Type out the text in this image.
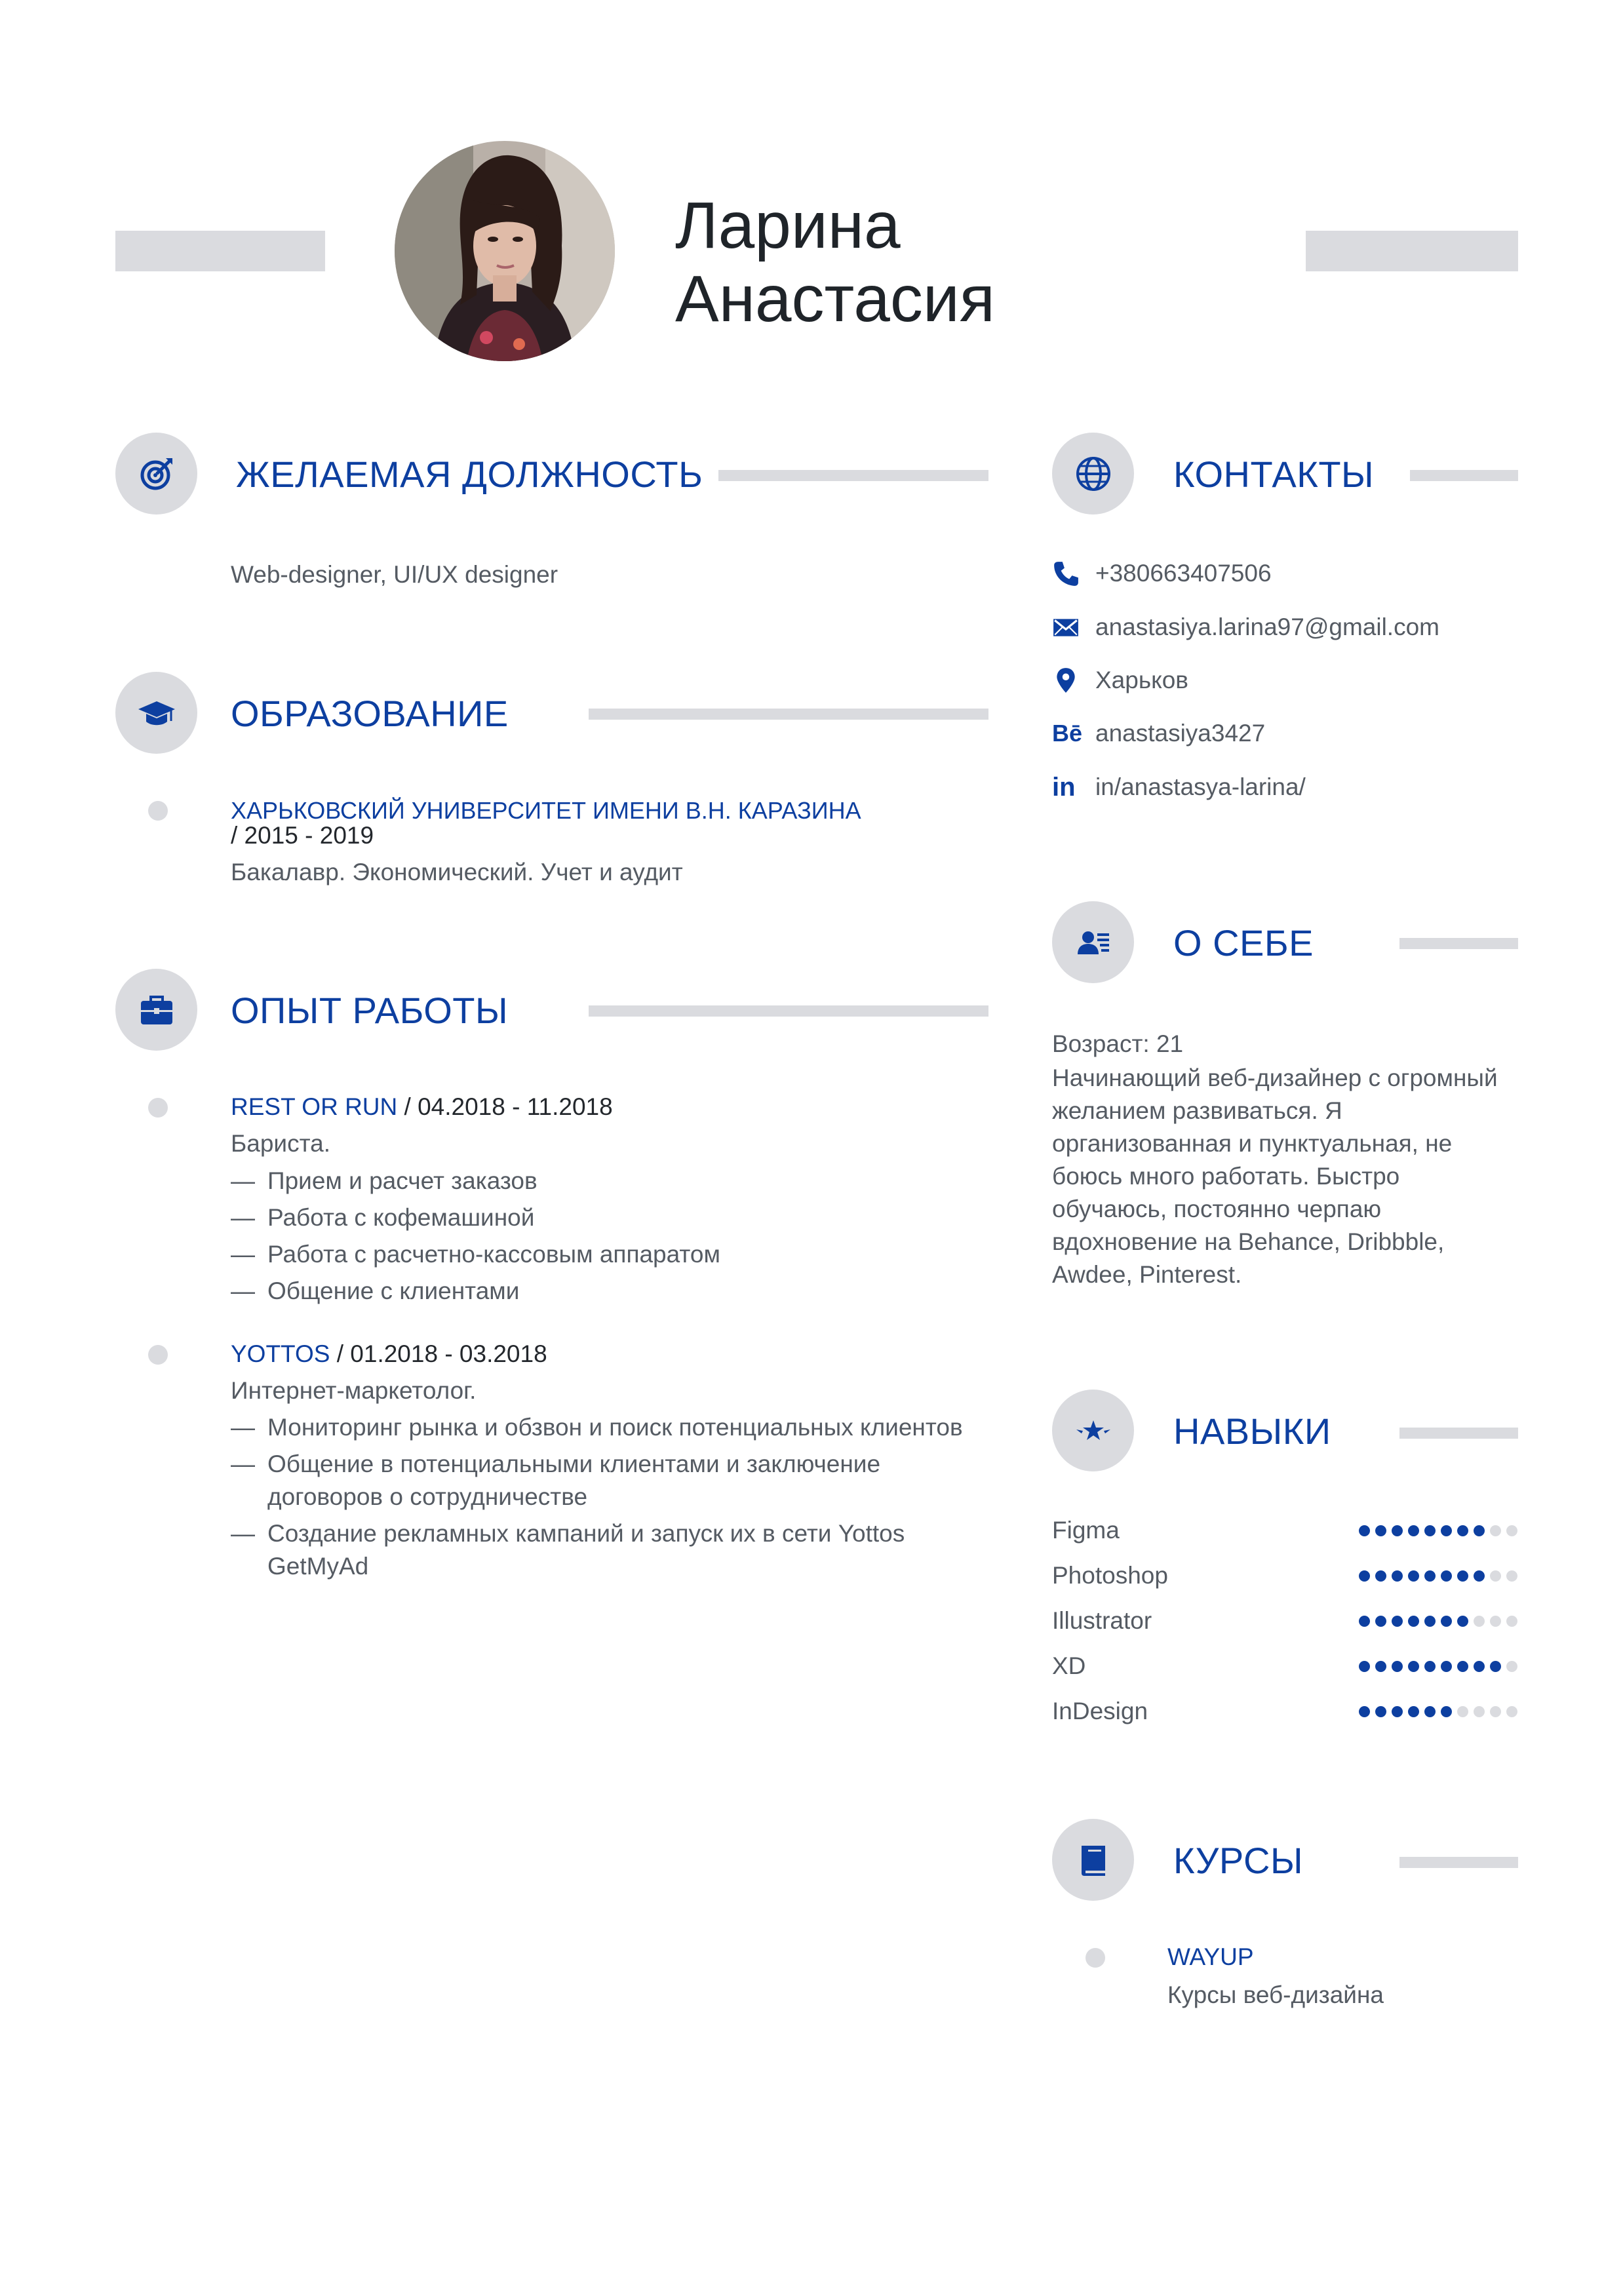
Ларина
Анастасия
ЖЕЛАЕМАЯ ДОЛЖНОСТЬ
Web-designer, UI/UX designer
ОБРАЗОВАНИЕ
ХАРЬКОВСКИЙ УНИВЕРСИТЕТ ИМЕНИ В.Н. КАРАЗИНА
/ 2015 - 2019
Бакалавр. Экономический. Учет и аудит
ОПЫТ РАБОТЫ
REST OR RUN / 04.2018 - 11.2018
Бариста.
— Прием и расчет заказов
— Работа с кофемашиной
— Работа с расчетно-кассовым аппаратом
— Общение с клиентами
YOTTOS / 01.2018 - 03.2018
Интернет-маркетолог.
— Мониторинг рынка и обзвон и поиск потенциальных клиентов
— Общение в потенциальными клиентами и заключение договоров о сотрудничестве
— Создание рекламных кампаний и запуск их в сети Yottos GetMyAd
КОНТАКТЫ
+380663407506
anastasiya.larina97@gmail.com
Харьков
Bē anastasiya3427
in in/anastasya-larina/
О СЕБЕ
Возраст: 21
Начинающий веб-дизайнер с огромный желанием развиваться. Я организованная и пунктуальная, не боюсь много работать. Быстро обучаюсь, постоянно черпаю вдохновение на Behance, Dribbble, Awdee, Pinterest.
НАВЫКИ
Figma
Photoshop
Illustrator
XD
InDesign
КУРСЫ
WAYUP
Курсы веб-дизайна
